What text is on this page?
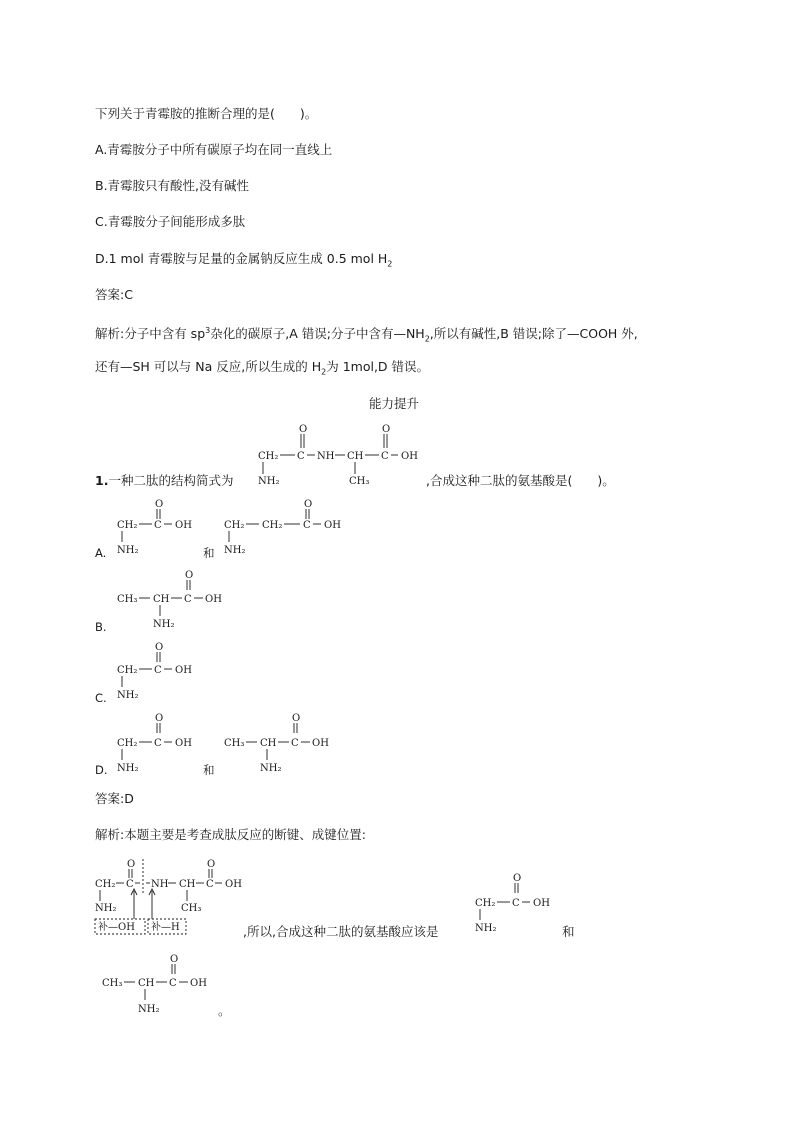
下列关于青霉胺的推断合理的是(　　)。
A.青霉胺分子中所有碳原子均在同一直线上
B.青霉胺只有酸性,没有碱性
C.青霉胺分子间能形成多肽
D.1 mol 青霉胺与足量的金属钠反应生成 0.5 mol $H_2$
答案:C
解析:分子中含有 $sp^3$杂化的碳原子,A 错误;分子中含有$—NH_2$,所以有碱性,B 错误;除了—COOH 外,
还有—SH 可以与 Na 反应,所以生成的 $H_2$为 1mol,D 错误。
能力提升
1.一种二肽的结构简式为	,合成这种二肽的氨基酸是(　　)。
O	O
CH₂ C NH CH C OH
NH₂	CH₃
A.
O
CH₂ C OH
NH₂	和
O
CH₂ CH₂ C OH
NH₂
B.
O
CH₃ CH C OH
NH₂
C.
O
CH₂ C OH
NH₂
D.
O
CH₂ C OH
NH₂	和
O
CH₃ CH C OH
NH₂
答案:D
解析:本题主要是考查成肽反应的断键、成键位置:
O	O
CH₂ C NH CH C OH
NH₂	CH₃
补—OH 补—H	,所以,合成这种二肽的氨基酸应该是
O
CH₂ C OH
NH₂	和
O
CH₃ CH C OH
NH₂	。
